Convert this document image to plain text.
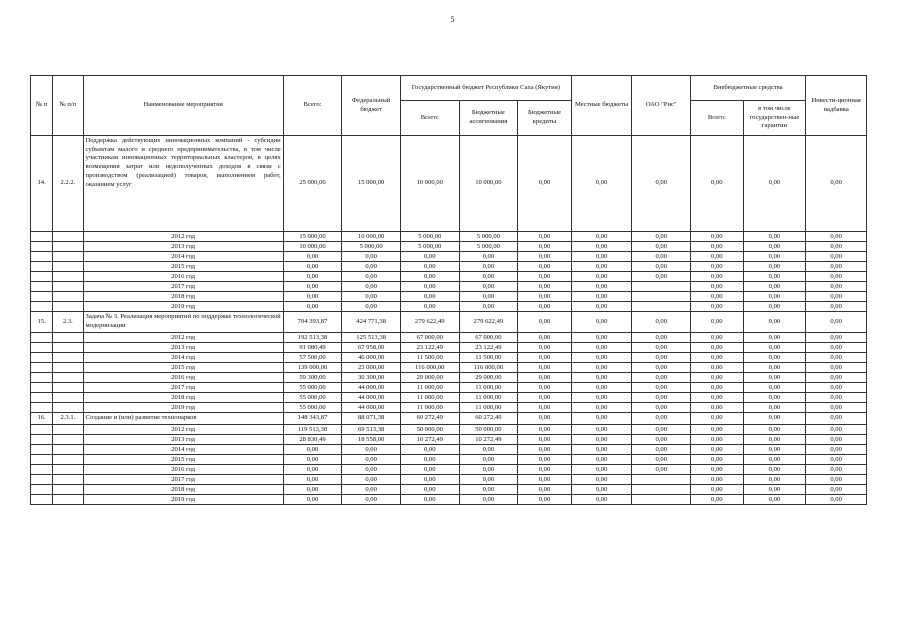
5
№ п	№ п/п	Наименование мероприятия	Всего:	Федеральный бюджет	Государственный бюджет Республики Саха (Якутия)			Местные бюджеты	ОАО "Рис"	Внебюджетные средства		Инвести-ционная надбавка
					Всего:	Бюджетные ассигнования	Бюджетные кредиты			Всего:	в том числе государствен-ные гарантии	
14.	2.2.2.	Поддержка действующих инновационных компаний - субсидии субъектам малого и среднего предпринимательства, в том числе участникам инновационных территориальных кластеров, в целях возмещения затрат или недополученных доходов в связи с производством (реализацией) товаров, выполнением работ, оказанием услуг	25 000,00	15 000,00	10 000,00	10 000,00	0,00	0,00	0,00	0,00	0,00	0,00
		2012 год	15 000,00	10 000,00	5 000,00	5 000,00	0,00	0,00	0,00	0,00	0,00	0,00
		2013 год	10 000,00	5 000,00	5 000,00	5 000,00	0,00	0,00	0,00	0,00	0,00	0,00
		2014 год	0,00	0,00	0,00	0,00	0,00	0,00	0,00	0,00	0,00	0,00
		2015 год	0,00	0,00	0,00	0,00	0,00	0,00	0,00	0,00	0,00	0,00
		2016 год	0,00	0,00	0,00	0,00	0,00	0,00	0,00	0,00	0,00	0,00
		2017 год	0,00	0,00	0,00	0,00	0,00	0,00		0,00	0,00	0,00
		2018 год	0,00	0,00	0,00	0,00	0,00	0,00		0,00	0,00	0,00
		2019 год	0,00	0,00	0,00	0,00	0,00	0,00		0,00	0,00	0,00
15.	2.3.	Задача № 3. Реализация мероприятий по поддержке технологической модернизации	704 393,87	424 771,38	279 622,49	279 622,49	0,00	0,00	0,00	0,00	0,00	0,00
		2012 год	192 513,38	125 513,38	67 000,00	67 000,00	0,00	0,00	0,00	0,00	0,00	0,00
		2013 год	91 080,49	67 958,00	23 122,49	23 122,49	0,00	0,00	0,00	0,00	0,00	0,00
		2014 год	57 500,00	46 000,00	11 500,00	11 500,00	0,00	0,00	0,00	0,00	0,00	0,00
		2015 год	139 000,00	23 000,00	116 000,00	116 000,00	0,00	0,00	0,00	0,00	0,00	0,00
		2016 год	59 300,00	30 300,00	29 000,00	29 000,00	0,00	0,00	0,00	0,00	0,00	0,00
		2017 год	55 000,00	44 000,00	11 000,00	11 000,00	0,00	0,00	0,00	0,00	0,00	0,00
		2018 год	55 000,00	44 000,00	11 000,00	11 000,00	0,00	0,00	0,00	0,00	0,00	0,00
		2019 год	55 000,00	44 000,00	11 000,00	11 000,00	0,00	0,00	0,00	0,00	0,00	0,00
16.	2.3.1.	Создание и (или) развитие технопарков	148 343,87	88 071,38	60 272,49	60 272,49	0,00	0,00	0,00	0,00	0,00	0,00
		2012 год	119 513,38	69 513,38	50 000,00	50 000,00	0,00	0,00	0,00	0,00	0,00	0,00
		2013 год	28 830,49	18 558,00	10 272,49	10 272,49	0,00	0,00	0,00	0,00	0,00	0,00
		2014 год	0,00	0,00	0,00	0,00	0,00	0,00	0,00	0,00	0,00	0,00
		2015 год	0,00	0,00	0,00	0,00	0,00	0,00	0,00	0,00	0,00	0,00
		2016 год	0,00	0,00	0,00	0,00	0,00	0,00	0,00	0,00	0,00	0,00
		2017 год	0,00	0,00	0,00	0,00	0,00	0,00		0,00	0,00	0,00
		2018 год	0,00	0,00	0,00	0,00	0,00	0,00		0,00	0,00	0,00
		2019 год	0,00	0,00	0,00	0,00	0,00	0,00		0,00	0,00	0,00
